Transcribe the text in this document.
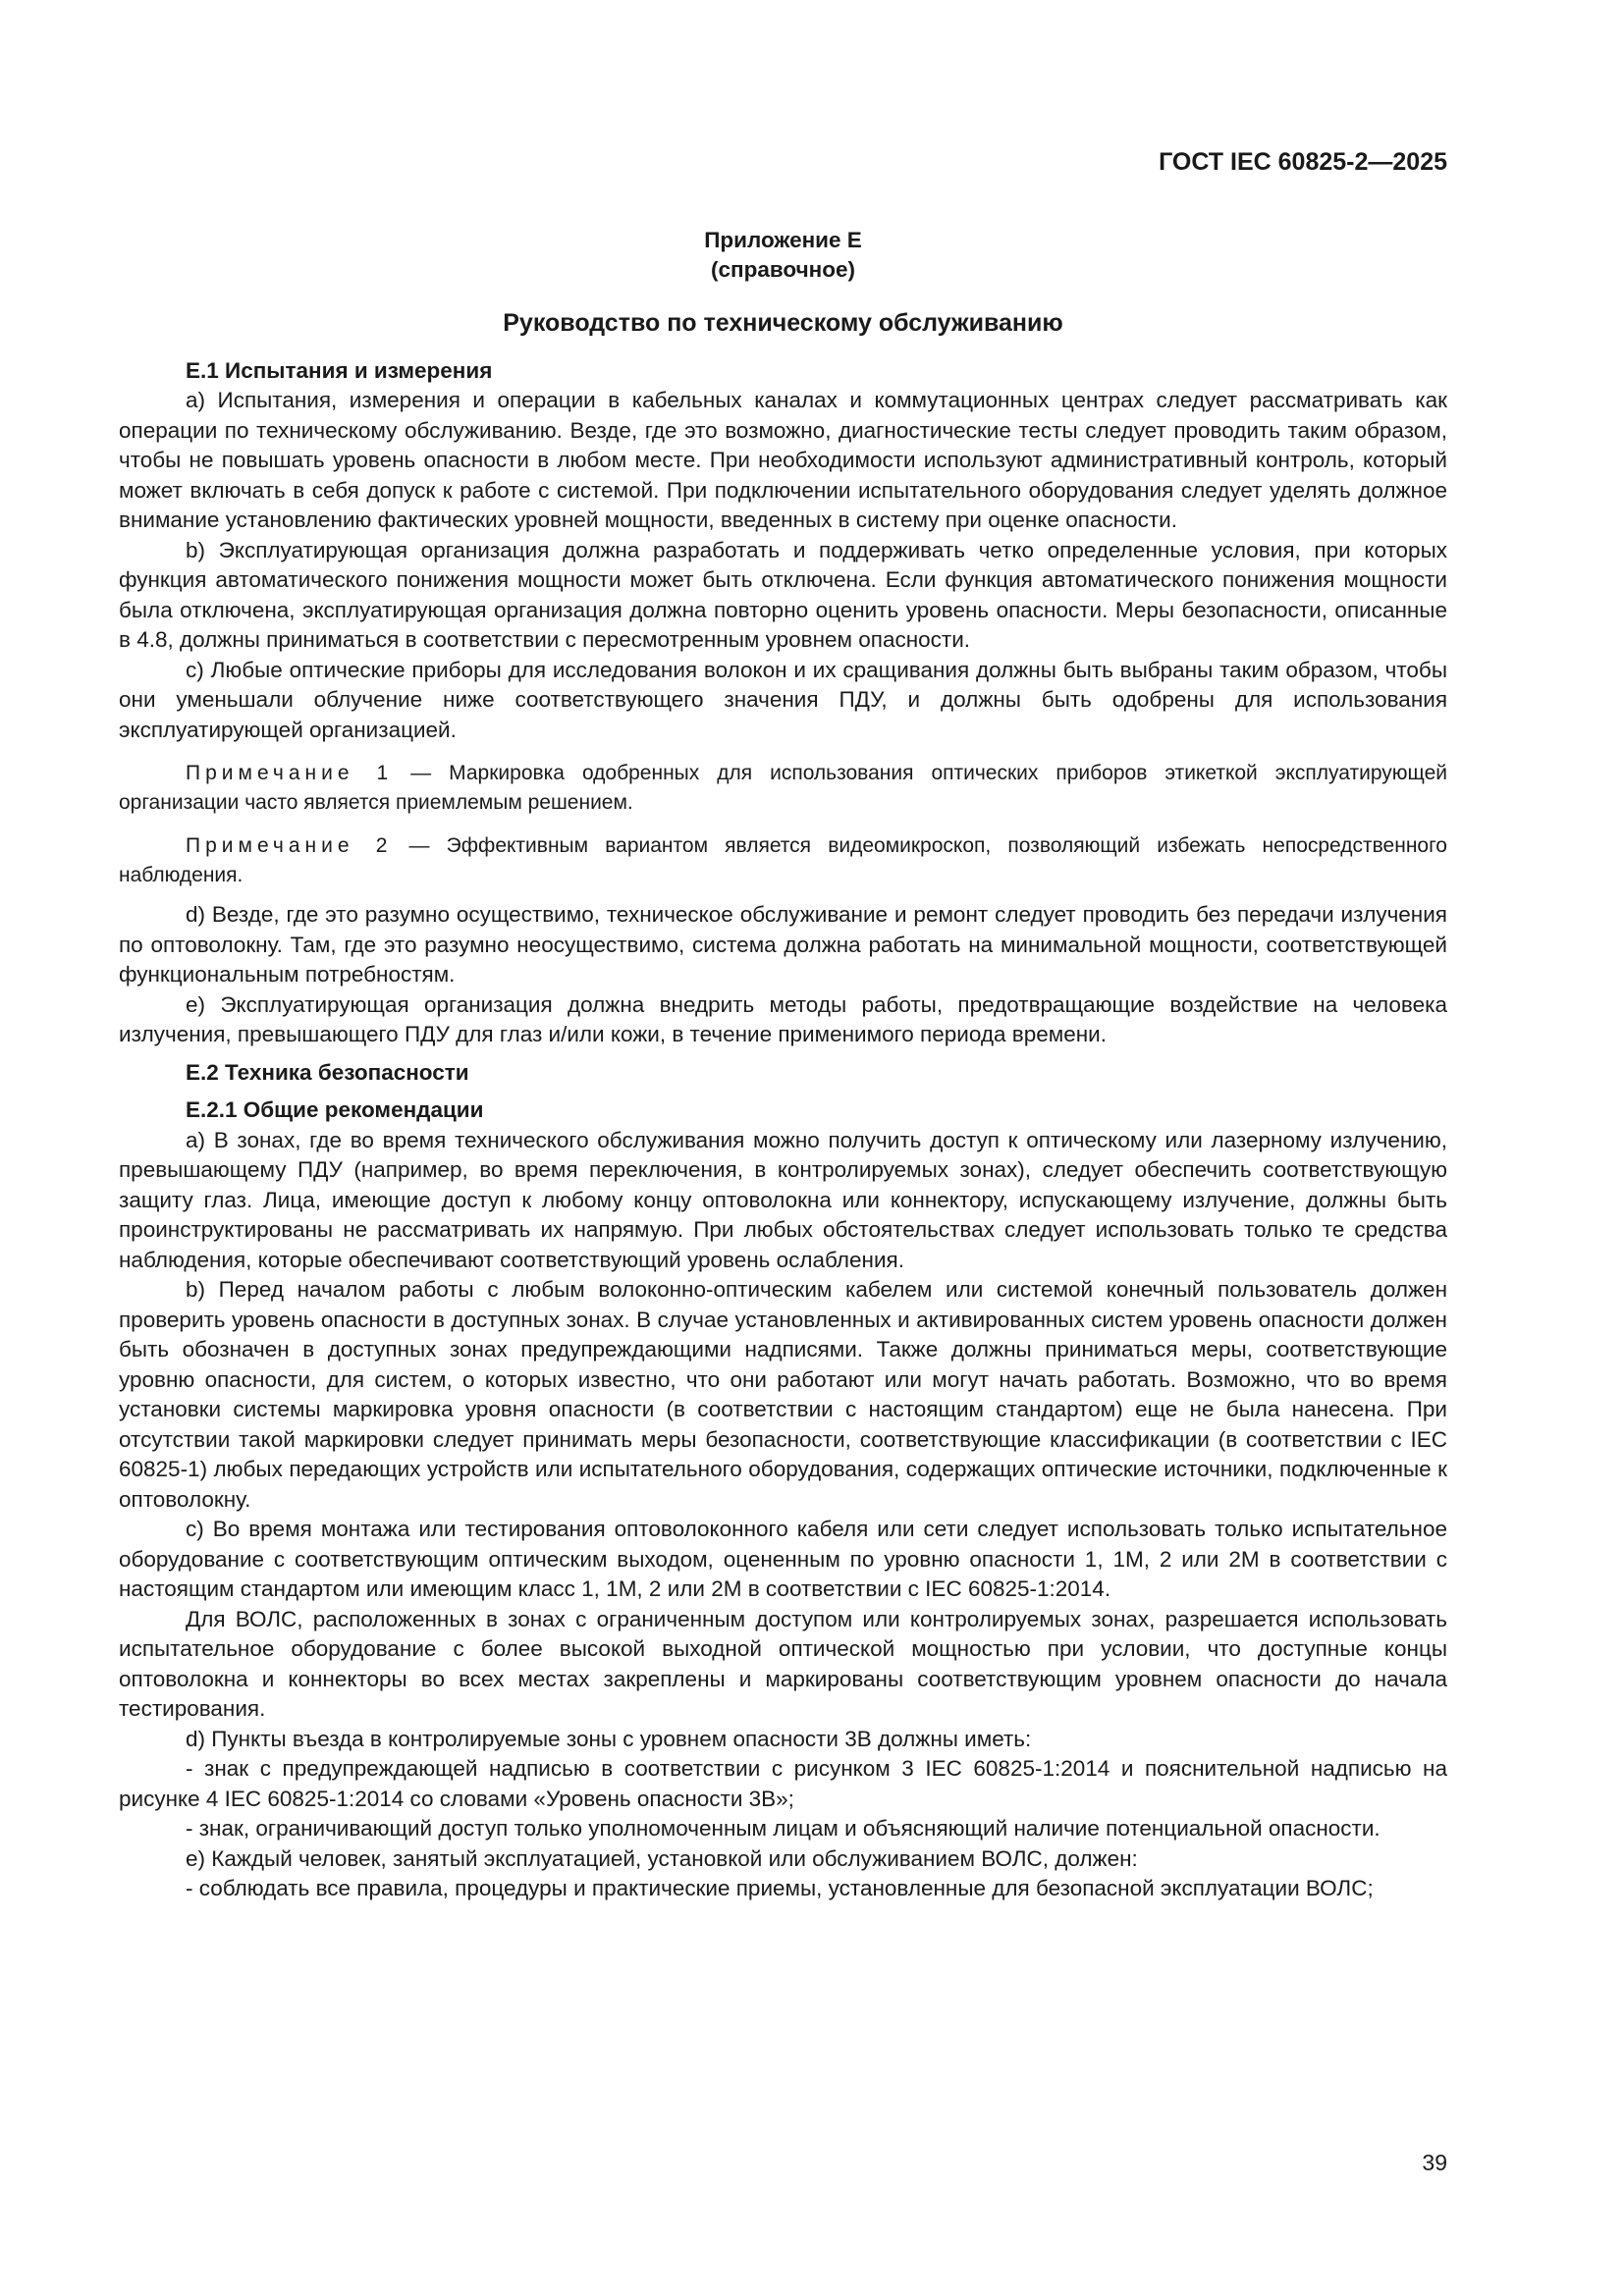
ГОСТ IEC 60825-2—2025
Приложение Е
(справочное)
Руководство по техническому обслуживанию
Е.1 Испытания и измерения

а) Испытания, измерения и операции в кабельных каналах и коммутационных центрах следует рассматривать как операции по техническому обслуживанию. Везде, где это возможно, диагностические тесты следует проводить таким образом, чтобы не повышать уровень опасности в любом месте. При необходимости используют административный контроль, который может включать в себя допуск к работе с системой. При подключении испытательного оборудования следует уделять должное внимание установлению фактических уровней мощности, введенных в систему при оценке опасности.

b) Эксплуатирующая организация должна разработать и поддерживать четко определенные условия, при которых функция автоматического понижения мощности может быть отключена. Если функция автоматического понижения мощности была отключена, эксплуатирующая организация должна повторно оценить уровень опасности. Меры безопасности, описанные в 4.8, должны приниматься в соответствии с пересмотренным уровнем опасности.

с) Любые оптические приборы для исследования волокон и их сращивания должны быть выбраны таким образом, чтобы они уменьшали облучение ниже соответствующего значения ПДУ, и должны быть одобрены для использования эксплуатирующей организацией.

Примечание 1 — Маркировка одобренных для использования оптических приборов этикеткой эксплуатирующей организации часто является приемлемым решением.

Примечание 2 — Эффективным вариантом является видеомикроскоп, позволяющий избежать непосредственного наблюдения.

d) Везде, где это разумно осуществимо, техническое обслуживание и ремонт следует проводить без передачи излучения по оптоволокну. Там, где это разумно неосуществимо, система должна работать на минимальной мощности, соответствующей функциональным потребностям.

е) Эксплуатирующая организация должна внедрить методы работы, предотвращающие воздействие на человека излучения, превышающего ПДУ для глаз и/или кожи, в течение применимого периода времени.

Е.2 Техника безопасности
Е.2.1 Общие рекомендации

а) В зонах, где во время технического обслуживания можно получить доступ к оптическому или лазерному излучению, превышающему ПДУ (например, во время переключения, в контролируемых зонах), следует обеспечить соответствующую защиту глаз. Лица, имеющие доступ к любому концу оптоволокна или коннектору, испускающему излучение, должны быть проинструктированы не рассматривать их напрямую. При любых обстоятельствах следует использовать только те средства наблюдения, которые обеспечивают соответствующий уровень ослабления.

b) Перед началом работы с любым волоконно-оптическим кабелем или системой конечный пользователь должен проверить уровень опасности в доступных зонах. В случае установленных и активированных систем уровень опасности должен быть обозначен в доступных зонах предупреждающими надписями. Также должны приниматься меры, соответствующие уровню опасности, для систем, о которых известно, что они работают или могут начать работать. Возможно, что во время установки системы маркировка уровня опасности (в соответствии с настоящим стандартом) еще не была нанесена. При отсутствии такой маркировки следует принимать меры безопасности, соответствующие классификации (в соответствии с IEC 60825-1) любых передающих устройств или испытательного оборудования, содержащих оптические источники, подключенные к оптоволокну.

с) Во время монтажа или тестирования оптоволоконного кабеля или сети следует использовать только испытательное оборудование с соответствующим оптическим выходом, оцененным по уровню опасности 1, 1М, 2 или 2М в соответствии с настоящим стандартом или имеющим класс 1, 1М, 2 или 2М в соответствии с IEC 60825-1:2014.

Для ВОЛС, расположенных в зонах с ограниченным доступом или контролируемых зонах, разрешается использовать испытательное оборудование с более высокой выходной оптической мощностью при условии, что доступные концы оптоволокна и коннекторы во всех местах закреплены и маркированы соответствующим уровнем опасности до начала тестирования.

d) Пункты въезда в контролируемые зоны с уровнем опасности 3В должны иметь:

- знак с предупреждающей надписью в соответствии с рисунком 3 IEC 60825-1:2014 и пояснительной надписью на рисунке 4 IEC 60825-1:2014 со словами «Уровень опасности 3В»;

- знак, ограничивающий доступ только уполномоченным лицам и объясняющий наличие потенциальной опасности.

е) Каждый человек, занятый эксплуатацией, установкой или обслуживанием ВОЛС, должен:

- соблюдать все правила, процедуры и практические приемы, установленные для безопасной эксплуатации ВОЛС;

39
